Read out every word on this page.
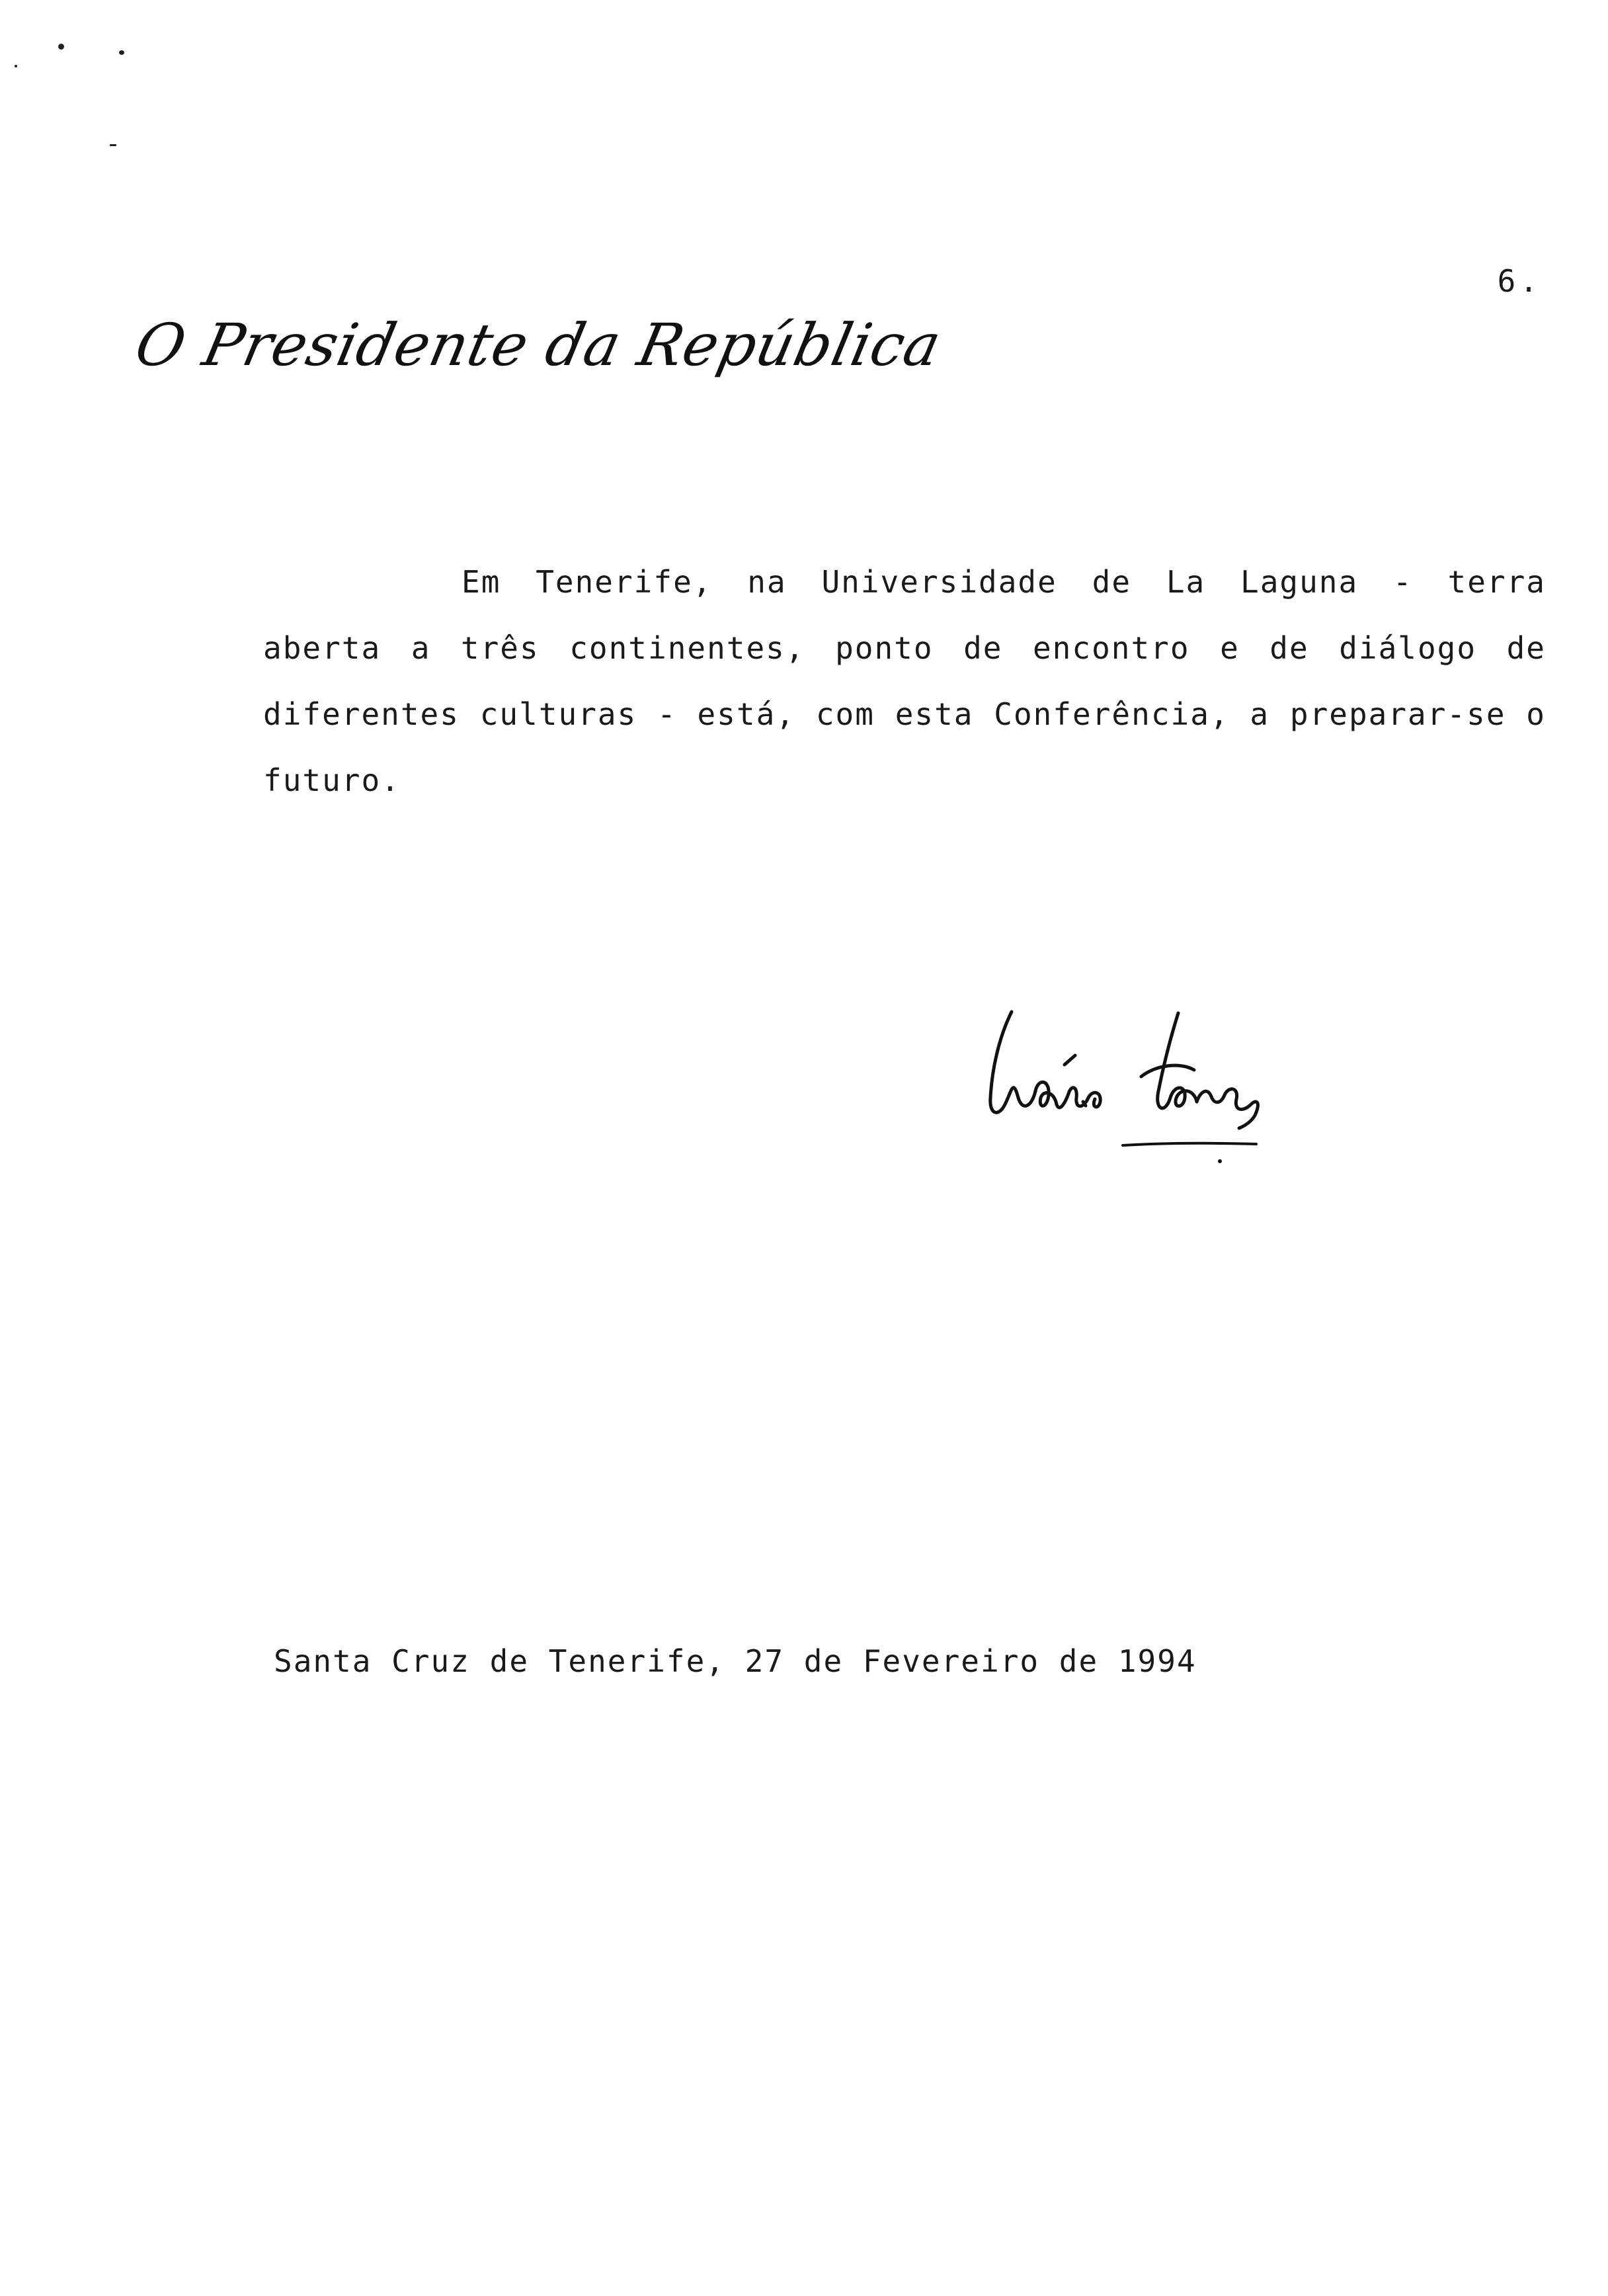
6.
O Presidente da República

Em Tenerife, na Universidade de La Laguna - terra aberta a três continentes, ponto de encontro e de diálogo de diferentes culturas - está, com esta Conferência, a preparar-se o futuro.

Santa Cruz de Tenerife, 27 de Fevereiro de 1994
